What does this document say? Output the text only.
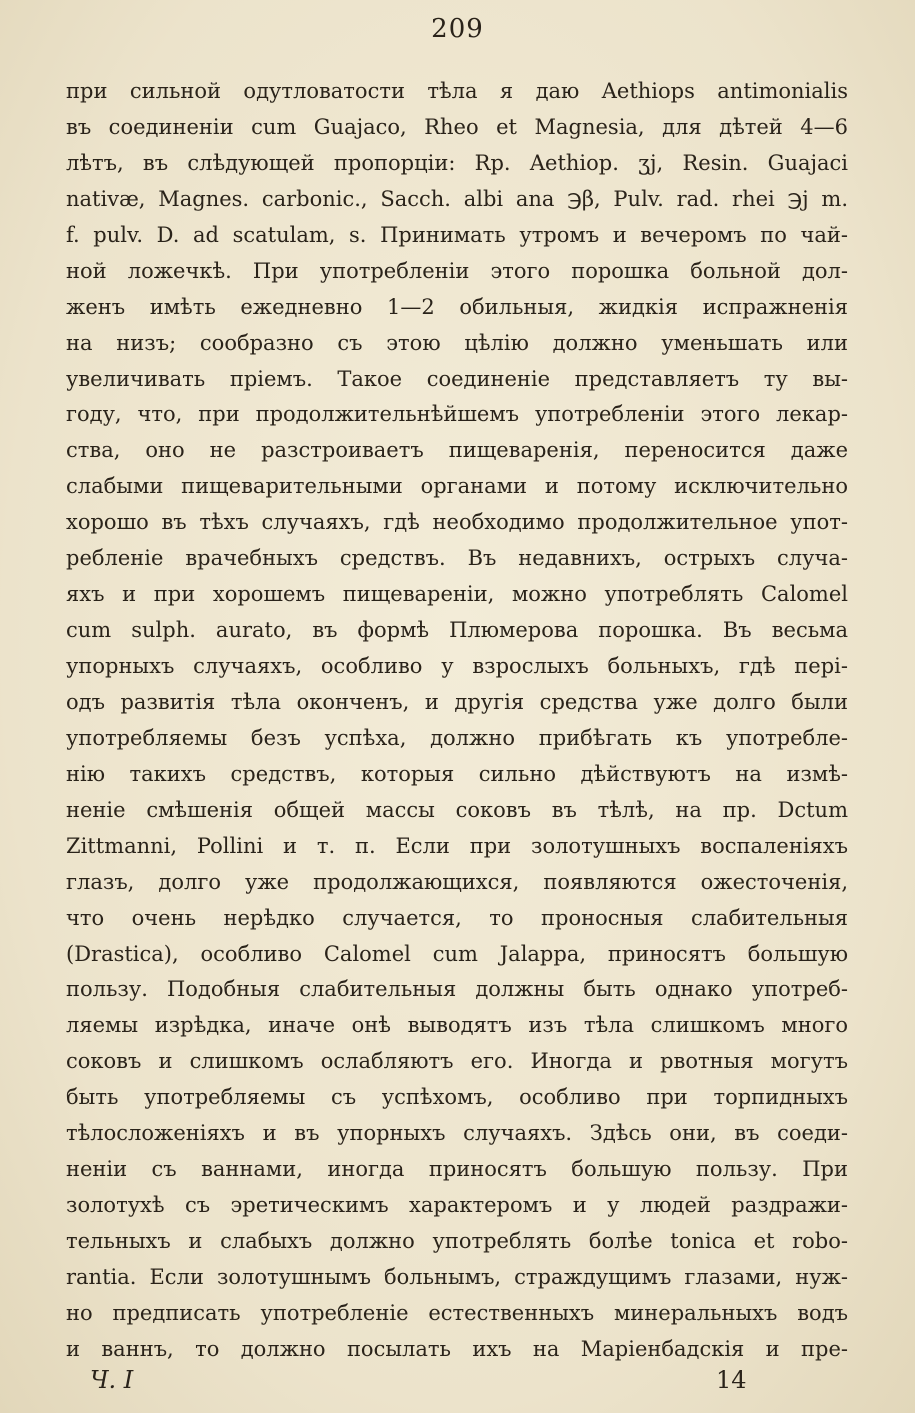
209
при сильной одутловатости тѣла я даю Aethiops antimonialis
въ соединеніи cum Guajaco, Rheo et Magnesia, для дѣтей 4—6
лѣтъ, въ слѣдующей пропорціи: Rp. Aethiop. ʒj, Resin. Guajaci
nativæ, Magnes. carbonic., Sacch. albi ana ℈β, Pulv. rad. rhei ℈j m.
f. pulv. D. ad scatulam, s. Принимать утромъ и вечеромъ по чай-
ной ложечкѣ. При употребленіи этого порошка больной дол-
женъ имѣть ежедневно 1—2 обильныя, жидкія испражненія
на низъ; сообразно съ этою цѣлію должно уменьшать или
увеличивать пріемъ. Такое соединеніе представляетъ ту вы-
году, что, при продолжительнѣйшемъ употребленіи этого лекар-
ства, оно не разстроиваетъ пищеваренія, переносится даже
слабыми пищеварительными органами и потому исключительно
хорошо въ тѣхъ случаяхъ, гдѣ необходимо продолжительное упот-
ребленіе врачебныхъ средствъ. Въ недавнихъ, острыхъ случа-
яхъ и при хорошемъ пищевареніи, можно употреблять Calomel
cum sulph. aurato, въ формѣ Плюмерова порошка. Въ весьма
упорныхъ случаяхъ, особливо у взрослыхъ больныхъ, гдѣ пері-
одъ развитія тѣла оконченъ, и другія средства уже долго были
употребляемы безъ успѣха, должно прибѣгать къ употребле-
нію такихъ средствъ, которыя сильно дѣйствуютъ на измѣ-
неніе смѣшенія общей массы соковъ въ тѣлѣ, на пр. Dctum
Zittmanni, Pollini и т. п. Если при золотушныхъ воспаленіяхъ
глазъ, долго уже продолжающихся, появляются ожесточенія,
что очень нерѣдко случается, то проносныя слабительныя
(Drastica), особливо Calomel cum Jalappa, приносятъ большую
пользу. Подобныя слабительныя должны быть однако употреб-
ляемы изрѣдка, иначе онѣ выводятъ изъ тѣла слишкомъ много
соковъ и слишкомъ ослабляютъ его. Иногда и рвотныя могутъ
быть употребляемы съ успѣхомъ, особливо при торпидныхъ
тѣлосложеніяхъ и въ упорныхъ случаяхъ. Здѣсь они, въ соеди-
неніи съ ваннами, иногда приносятъ большую пользу. При
золотухѣ съ эретическимъ характеромъ и у людей раздражи-
тельныхъ и слабыхъ должно употреблять болѣе tonica et robo-
rantia. Если золотушнымъ больнымъ, страждущимъ глазами, нуж-
но предписать употребленіе естественныхъ минеральныхъ водъ
и ваннъ, то должно посылать ихъ на Маріенбадскія и пре-
Ч. I	14
